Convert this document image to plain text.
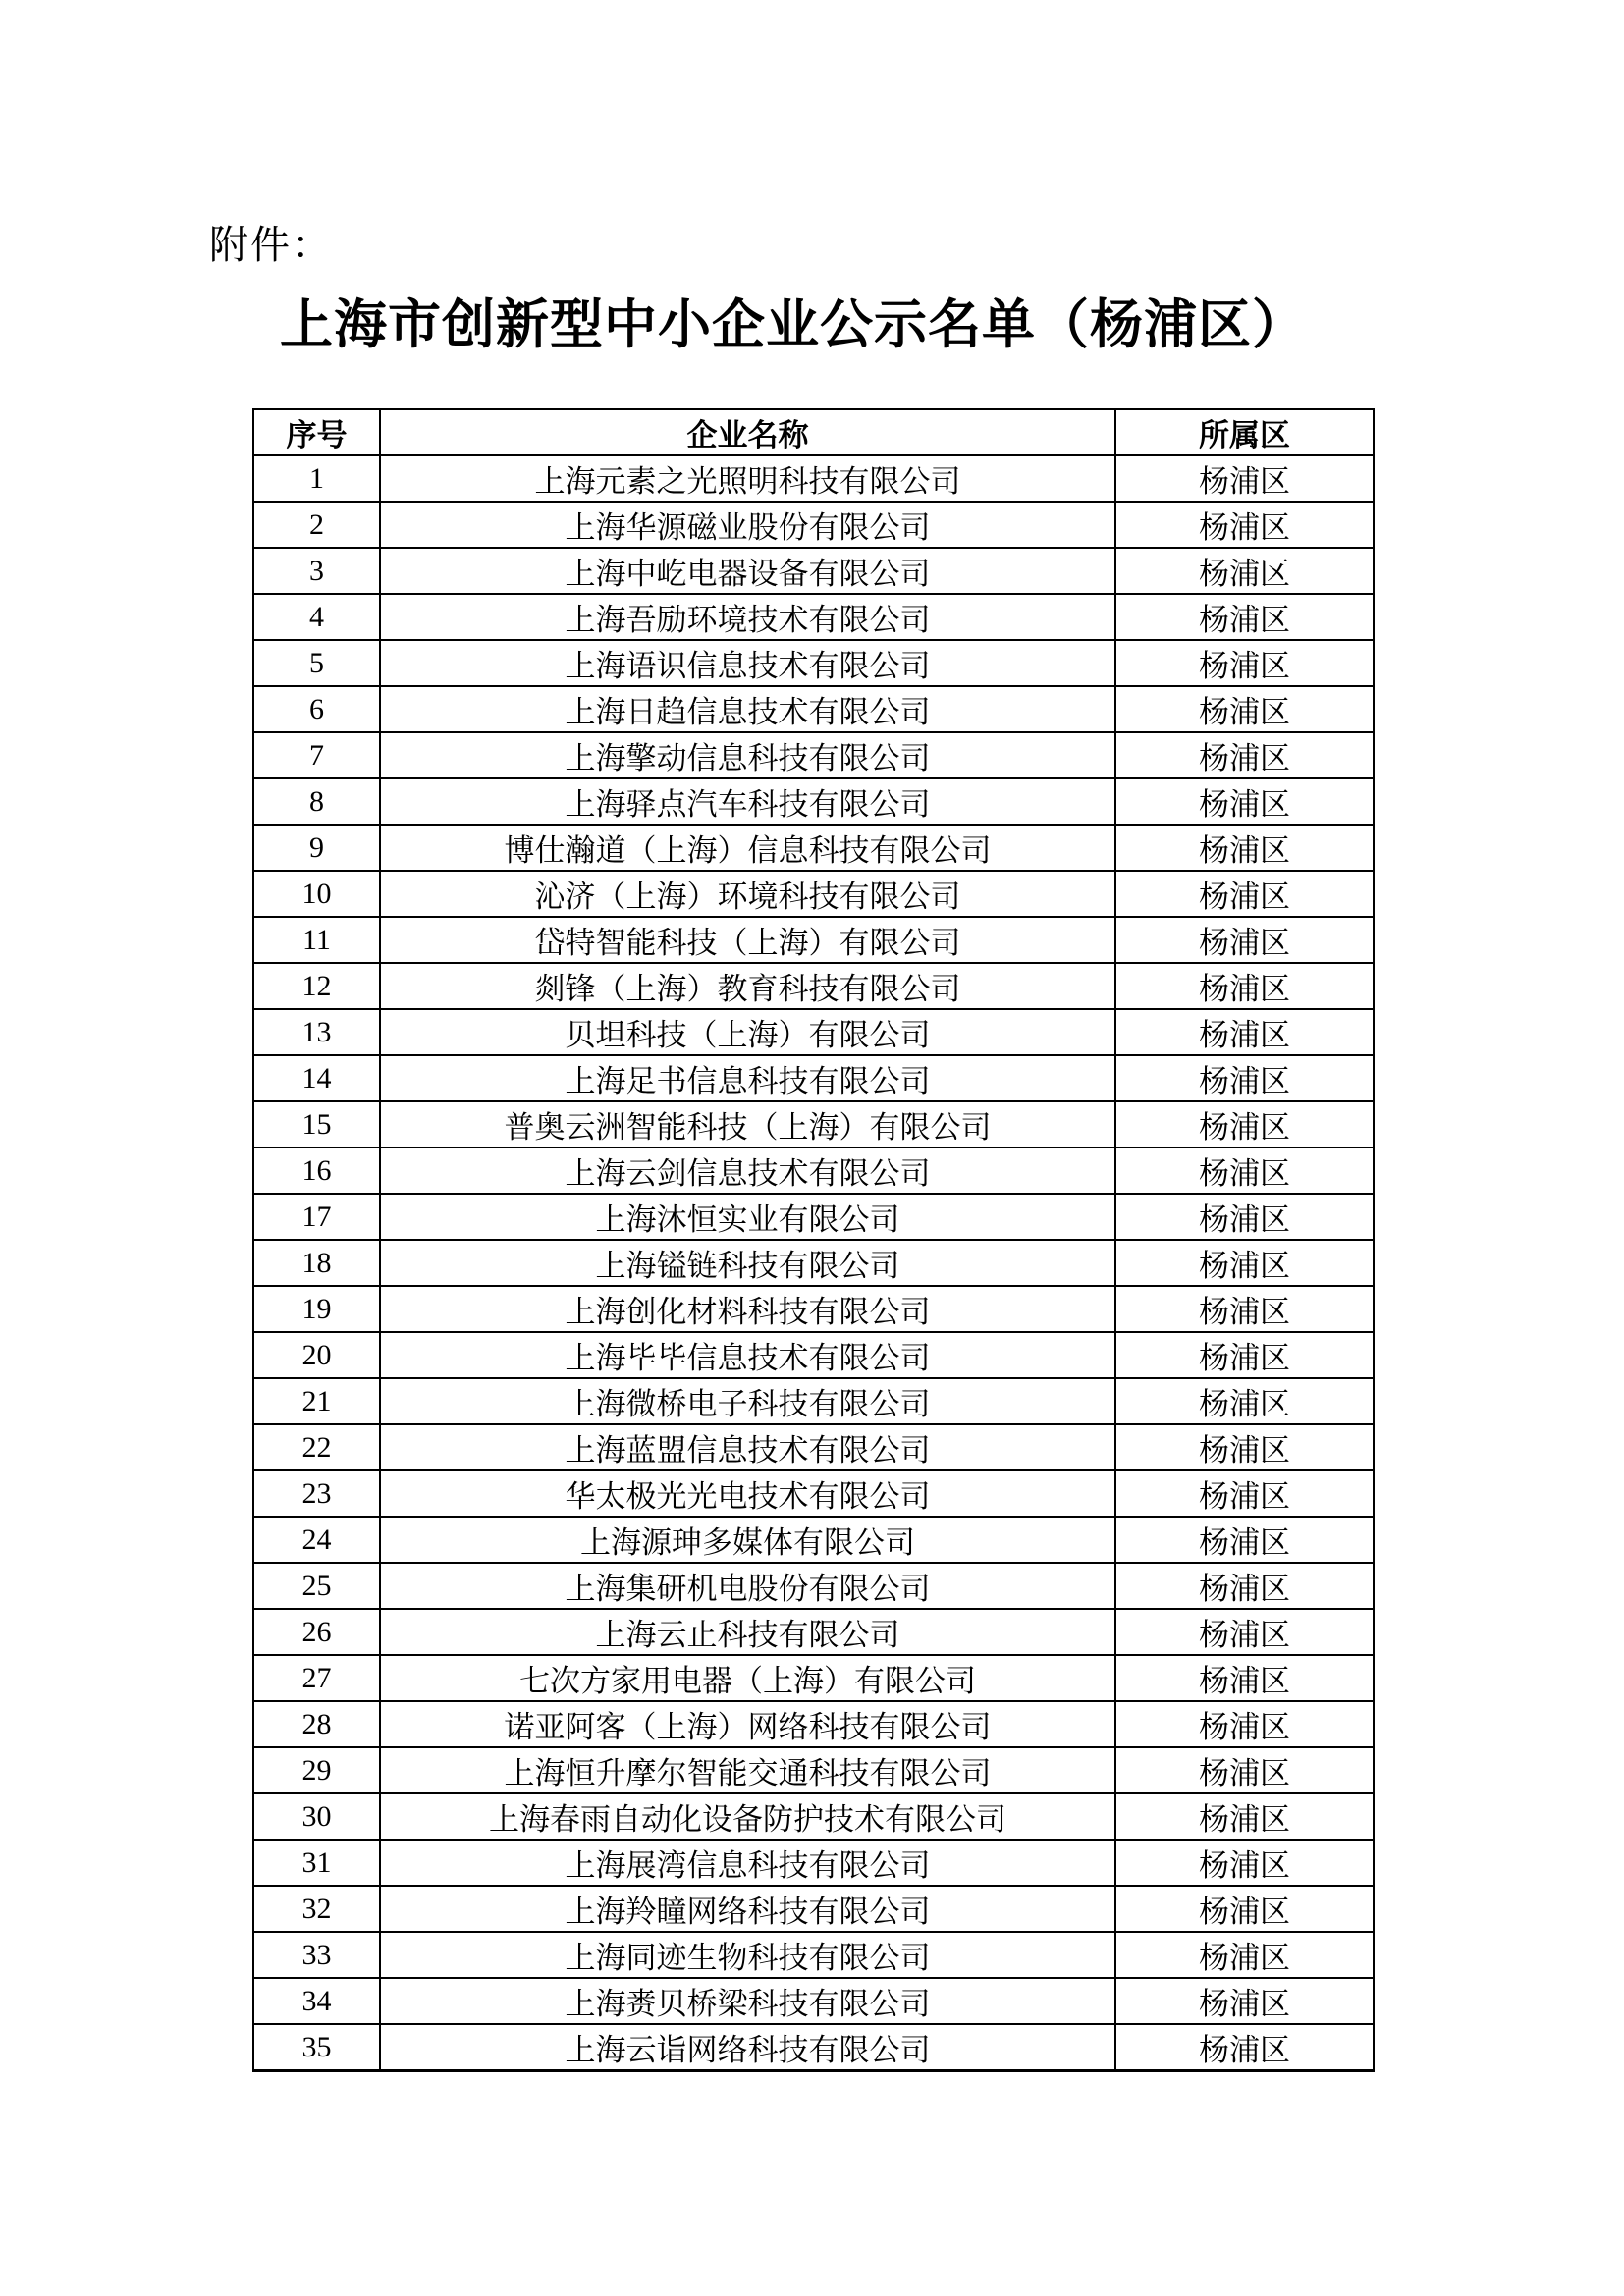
附件：
上海市创新型中小企业公示名单（杨浦区）
序号	企业名称	所属区
1	上海元素之光照明科技有限公司	杨浦区
2	上海华源磁业股份有限公司	杨浦区
3	上海中屹电器设备有限公司	杨浦区
4	上海吾励环境技术有限公司	杨浦区
5	上海语识信息技术有限公司	杨浦区
6	上海日趋信息技术有限公司	杨浦区
7	上海擎动信息科技有限公司	杨浦区
8	上海驿点汽车科技有限公司	杨浦区
9	博仕瀚道（上海）信息科技有限公司	杨浦区
10	沁济（上海）环境科技有限公司	杨浦区
11	岱特智能科技（上海）有限公司	杨浦区
12	剡锋（上海）教育科技有限公司	杨浦区
13	贝坦科技（上海）有限公司	杨浦区
14	上海足书信息科技有限公司	杨浦区
15	普奥云洲智能科技（上海）有限公司	杨浦区
16	上海云剑信息技术有限公司	杨浦区
17	上海沐恒实业有限公司	杨浦区
18	上海镒链科技有限公司	杨浦区
19	上海创化材料科技有限公司	杨浦区
20	上海毕毕信息技术有限公司	杨浦区
21	上海微桥电子科技有限公司	杨浦区
22	上海蓝盟信息技术有限公司	杨浦区
23	华太极光光电技术有限公司	杨浦区
24	上海源珅多媒体有限公司	杨浦区
25	上海集研机电股份有限公司	杨浦区
26	上海云止科技有限公司	杨浦区
27	七次方家用电器（上海）有限公司	杨浦区
28	诺亚阿客（上海）网络科技有限公司	杨浦区
29	上海恒升摩尔智能交通科技有限公司	杨浦区
30	上海春雨自动化设备防护技术有限公司	杨浦区
31	上海展湾信息科技有限公司	杨浦区
32	上海羚瞳网络科技有限公司	杨浦区
33	上海同迹生物科技有限公司	杨浦区
34	上海赉贝桥梁科技有限公司	杨浦区
35	上海云诣网络科技有限公司	杨浦区
